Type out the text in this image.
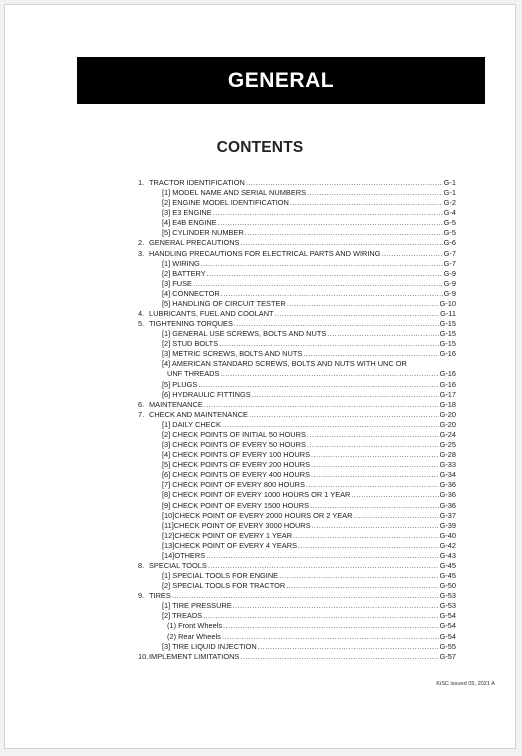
GENERAL
CONTENTS
1. TRACTOR IDENTIFICATION .....	G-1
[1] MODEL NAME AND SERIAL NUMBERS .....	G-1
[2] ENGINE MODEL IDENTIFICATION .....	G-2
[3] E3 ENGINE .....	G-4
[4] E4B ENGINE .....	G-5
[5] CYLINDER NUMBER .....	G-5
2. GENERAL PRECAUTIONS .....	G-6
3. HANDLING PRECAUTIONS FOR ELECTRICAL PARTS AND WIRING .....	G-7
[1] WIRING .....	G-7
[2] BATTERY .....	G-9
[3] FUSE .....	G-9
[4] CONNECTOR .....	G-9
[5] HANDLING OF CIRCUIT TESTER .....	G-10
4. LUBRICANTS, FUEL AND COOLANT .....	G-11
5. TIGHTENING TORQUES .....	G-15
[1] GENERAL USE SCREWS, BOLTS AND NUTS .....	G-15
[2] STUD BOLTS .....	G-15
[3] METRIC SCREWS, BOLTS AND NUTS .....	G-16
[4] AMERICAN STANDARD SCREWS, BOLTS AND NUTS WITH UNC OR
UNF THREADS .....	G-16
[5] PLUGS .....	G-16
[6] HYDRAULIC FITTINGS .....	G-17
6. MAINTENANCE .....	G-18
7. CHECK AND MAINTENANCE .....	G-20
[1] DAILY CHECK .....	G-20
[2] CHECK POINTS OF INITIAL 50 HOURS .....	G-24
[3] CHECK POINTS OF EVERY 50 HOURS .....	G-25
[4] CHECK POINTS OF EVERY 100 HOURS .....	G-28
[5] CHECK POINTS OF EVERY 200 HOURS .....	G-33
[6] CHECK POINTS OF EVERY 400 HOURS .....	G-34
[7] CHECK POINT OF EVERY 800 HOURS .....	G-36
[8] CHECK POINT OF EVERY 1000 HOURS OR 1 YEAR .....	G-36
[9] CHECK POINT OF EVERY 1500 HOURS .....	G-36
[10]CHECK POINT OF EVERY 2000 HOURS OR 2 YEAR .....	G-37
[11]CHECK POINT OF EVERY 3000 HOURS .....	G-39
[12]CHECK POINT OF EVERY 1 YEAR .....	G-40
[13]CHECK POINT OF EVERY 4 YEARS .....	G-42
[14]OTHERS .....	G-43
8. SPECIAL TOOLS .....	G-45
[1] SPECIAL TOOLS FOR ENGINE .....	G-45
[2] SPECIAL TOOLS FOR TRACTOR .....	G-50
9. TIRES .....	G-53
[1] TIRE PRESSURE .....	G-53
[2] TREADS .....	G-54
(1) Front Wheels .....	G-54
(2) Rear Wheels .....	G-54
[3] TIRE LIQUID INJECTION .....	G-55
10. IMPLEMENT LIMITATIONS .....	G-57
KiSC issued 05, 2021 A
